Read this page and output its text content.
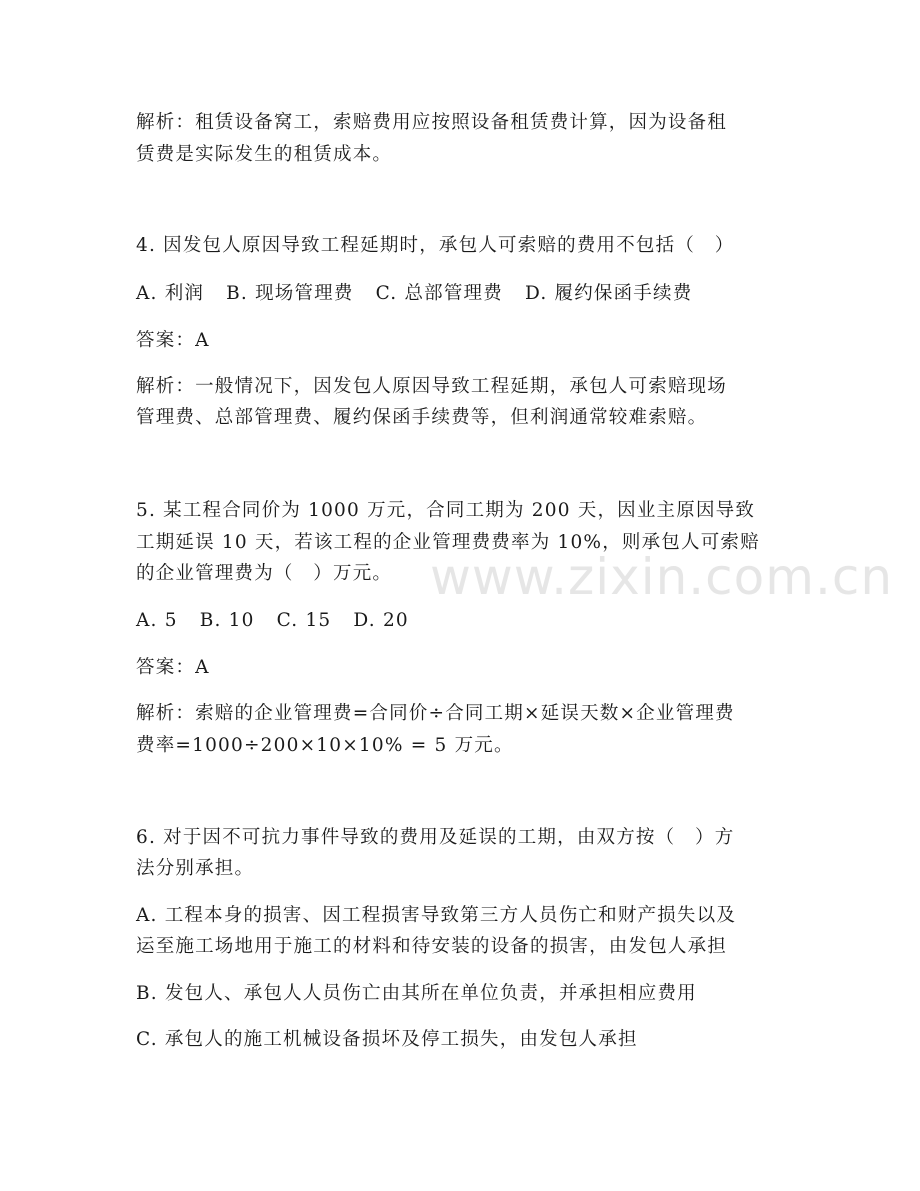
www.zixin.com.cn
解析：租赁设备窝工，索赔费用应按照设备租赁费计算，因为设备租
赁费是实际发生的租赁成本。
4. 因发包人原因导致工程延期时，承包人可索赔的费用不包括（　）
A. 利润 B. 现场管理费 C. 总部管理费 D. 履约保函手续费
答案：A
解析：一般情况下，因发包人原因导致工程延期，承包人可索赔现场
管理费、总部管理费、履约保函手续费等，但利润通常较难索赔。
5. 某工程合同价为 1000 万元，合同工期为 200 天，因业主原因导致
工期延误 10 天，若该工程的企业管理费费率为 10%，则承包人可索赔
的企业管理费为（　）万元。
A. 5 B. 10 C. 15 D. 20
答案：A
解析：索赔的企业管理费=合同价÷合同工期×延误天数×企业管理费
费率=1000÷200×10×10% = 5 万元。
6. 对于因不可抗力事件导致的费用及延误的工期，由双方按（　）方
法分别承担。
A. 工程本身的损害、因工程损害导致第三方人员伤亡和财产损失以及
运至施工场地用于施工的材料和待安装的设备的损害，由发包人承担
B. 发包人、承包人人员伤亡由其所在单位负责，并承担相应费用
C. 承包人的施工机械设备损坏及停工损失，由发包人承担
